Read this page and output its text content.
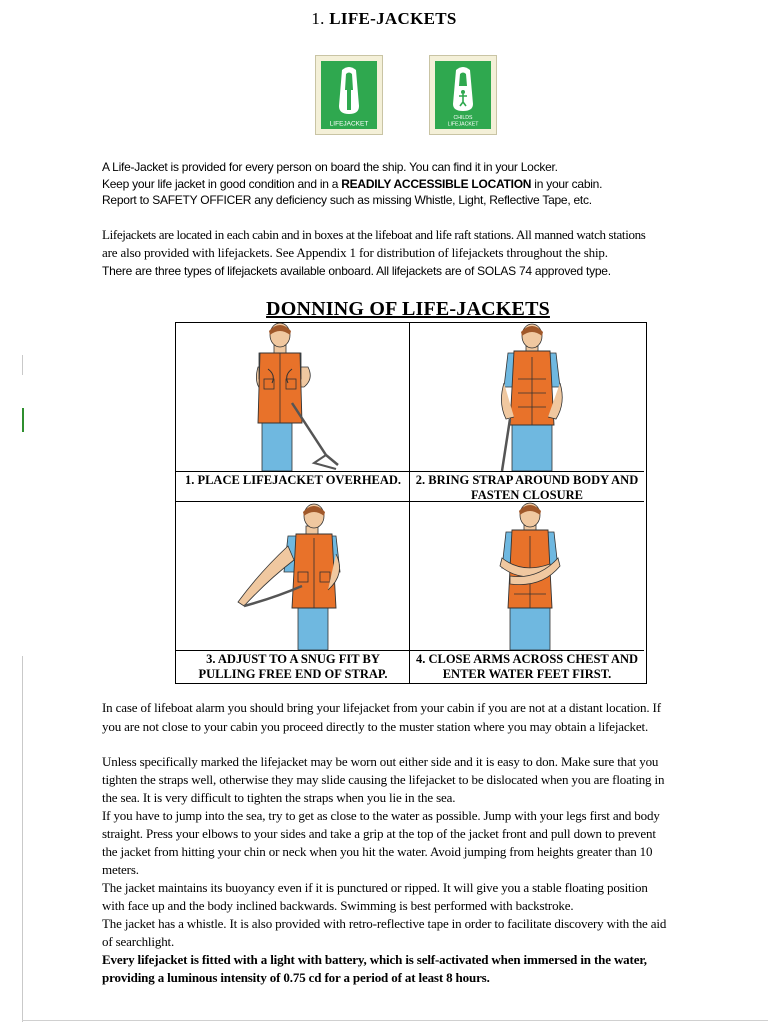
1. LIFE-JACKETS
LIFEJACKET
CHILDS
LIFEJACKET
A Life-Jacket is provided for every person on board the ship. You can find it in your Locker.
Keep your life jacket in good condition and in a READILY ACCESSIBLE LOCATION in your cabin.
Report to SAFETY OFFICER any deficiency such as missing Whistle, Light, Reflective Tape, etc.
Lifejackets are located in each cabin and in boxes at the lifeboat and life raft stations. All manned watch stations
are also provided with lifejackets. See Appendix 1 for distribution of lifejackets throughout the ship.
There are three types of lifejackets available onboard. All lifejackets are of SOLAS 74 approved type.
DONNING OF LIFE-JACKETS
1. PLACE LIFEJACKET OVERHEAD.	2. BRING STRAP AROUND BODY AND
FASTEN CLOSURE
3. ADJUST TO A SNUG FIT BY
PULLING FREE END OF STRAP.
4. CLOSE ARMS ACROSS CHEST AND
ENTER WATER FEET FIRST.
In case of lifeboat alarm you should bring your lifejacket from your cabin if you are not at a distant location. If
you are not close to your cabin you proceed directly to the muster station where you may obtain a lifejacket.
Unless specifically marked the lifejacket may be worn out either side and it is easy to don. Make sure that you
tighten the straps well, otherwise they may slide causing the lifejacket to be dislocated when you are floating in
the sea. It is very difficult to tighten the straps when you lie in the sea.
If you have to jump into the sea, try to get as close to the water as possible. Jump with your legs first and body
straight. Press your elbows to your sides and take a grip at the top of the jacket front and pull down to prevent
the jacket from hitting your chin or neck when you hit the water. Avoid jumping from heights greater than 10
meters.
The jacket maintains its buoyancy even if it is punctured or ripped. It will give you a stable floating position
with face up and the body inclined backwards. Swimming is best performed with backstroke.
The jacket has a whistle. It is also provided with retro-reflective tape in order to facilitate discovery with the aid
of searchlight.
Every lifejacket is fitted with a light with battery, which is self-activated when immersed in the water,
providing a luminous intensity of 0.75 cd for a period of at least 8 hours.
